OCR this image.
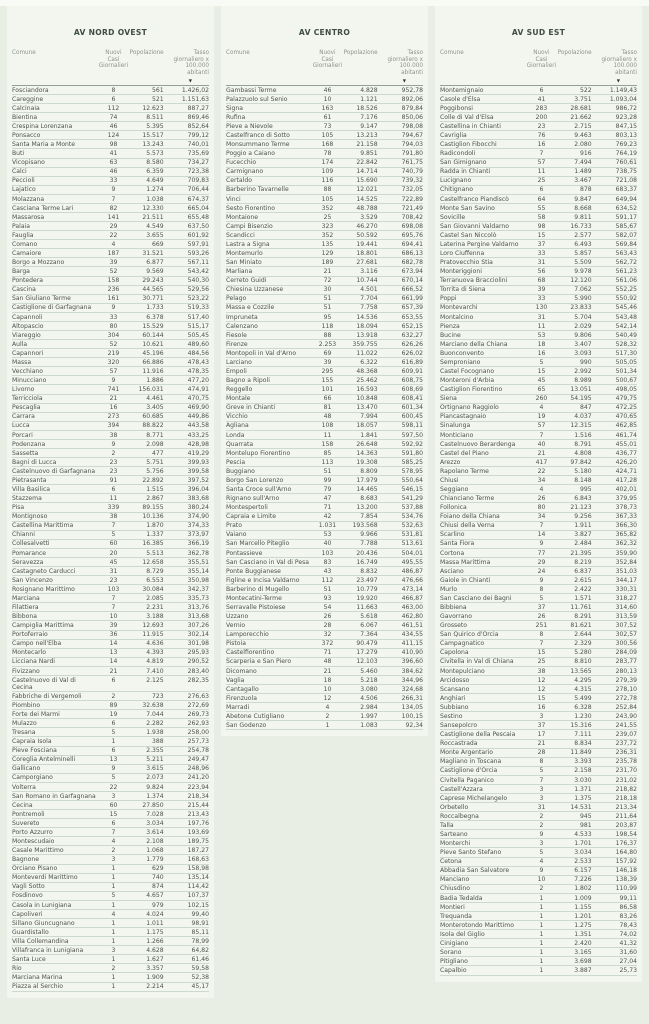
AV NORD OVEST
Comune	Nuovi Casi Giornalieri
Popolazione	Tasso giornaliero x 100.000 abitanti
▼
Fosciandora	8	561	1.426,02
Careggine	6	521	1.151,63
Calcinaia	112	12.623	887,27
Bientina	74	8.511	869,46
Crespina Lorenzana	46	5.395	852,64
Ponsacco	124	15.517	799,12
Santa Maria a Monte	98	13.243	740,01
Buti	41	5.573	735,69
Vicopisano	63	8.580	734,27
Calci	46	6.359	723,38
Peccioli	33	4.649	709,83
Lajatico	9	1.274	706,44
Molazzana	7	1.038	674,37
Casciana Terme Lari	82	12.330	665,04
Massarosa	141	21.511	655,48
Palaia	29	4.549	637,50
Fauglia	22	3.655	601,92
Comano	4	669	597,91
Camaiore	187	31.521	593,26
Borgo a Mozzano	39	6.877	567,11
Barga	52	9.569	543,42
Pontedera	158	29.243	540,30
Cascina	236	44.565	529,56
San Giuliano Terme	161	30.771	523,22
Castiglione di Garfagnana	9	1.733	519,33
Capannoli	33	6.378	517,40
Altopascio	80	15.529	515,17
Viareggio	304	60.144	505,45
Aulla	52	10.621	489,60
Capannori	219	45.196	484,56
Massa	320	66.886	478,43
Vecchiano	57	11.916	478,35
Minucciano	9	1.886	477,20
Livorno	741	156.031	474,91
Terricciola	21	4.461	470,75
Pescaglia	16	3.405	469,90
Carrara	273	60.685	449,86
Lucca	394	88.822	443,58
Porcari	38	8.771	433,25
Podenzana	9	2.098	428,98
Sassetta	2	477	419,29
Bagni di Lucca	23	5.751	399,93
Castelnuovo di Garfagnana	23	5.756	399,58
Pietrasanta	91	22.892	397,52
Villa Basilica	6	1.515	396,04
Stazzema	11	2.867	383,68
Pisa	339	89.155	380,24
Montignoso	38	10.136	374,90
Castellina Marittima	7	1.870	374,33
Chianni	5	1.337	373,97
Collesalvetti	60	16.385	366,19
Pomarance	20	5.513	362,78
Seravezza	45	12.658	355,51
Castagneto Carducci	31	8.729	355,14
San Vincenzo	23	6.553	350,98
Rosignano Marittimo	103	30.084	342,37
Marciana	7	2.085	335,73
Filattiera	7	2.231	313,76
Bibbona	10	3.188	313,68
Campiglia Marittima	39	12.693	307,26
Portoferraio	36	11.915	302,14
Campo nell'Elba	14	4.636	301,98
Montecarlo	13	4.393	295,93
Licciana Nardi	14	4.819	290,52
Fivizzano	21	7.410	283,40
Castelnuovo di Val di Cecina
6	2.125	282,35
Fabbriche di Vergemoli	2	723	276,63
Piombino	89	32.638	272,69
Forte dei Marmi	19	7.044	269,73
Mulazzo	6	2.282	262,93
Tresana	5	1.938	258,00
Capraia Isola	1	388	257,73
Pieve Fosciana	6	2.355	254,78
Coreglia Antelminelli	13	5.211	249,47
Gallicano	9	3.615	248,96
Camporgiano	5	2.073	241,20
Volterra	22	9.824	223,94
San Romano in Garfagnana	3	1.374	218,34
Cecina	60	27.850	215,44
Pontremoli	15	7.028	213,43
Suvereto	6	3.034	197,76
Porto Azzurro	7	3.614	193,69
Montescudaio	4	2.108	189,75
Casale Marittimo	2	1.068	187,27
Bagnone	3	1.779	168,63
Orciano Pisano	1	629	158,98
Monteverdi Marittimo	1	740	135,14
Vagli Sotto	1	874	114,42
Fosdinovo	5	4.657	107,37
Casola in Lunigiana	1	979	102,15
Capoliveri	4	4.024	99,40
Sillano Giuncugnano	1	1.011	98,91
Guardistallo	1	1.175	85,11
Villa Collemandina	1	1.266	78,99
Villafranca in Lunigiana	3	4.628	64,82
Santa Luce	1	1.627	61,46
Rio	2	3.357	59,58
Marciana Marina	1	1.909	52,38
Piazza al Serchio	1	2.214	45,17
AV CENTRO
Comune	Nuovi Casi Giornalieri
Popolazione	Tasso giornaliero x 100.000 abitanti
▼
Gambassi Terme	46	4.828	952,78
Palazzuolo sul Senio	10	1.121	892,06
Signa	163	18.526	879,84
Rufina	61	7.176	850,06
Pieve a Nievole	73	9.147	798,08
Castelfranco di Sotto	105	13.213	794,67
Monsummano Terme	168	21.158	794,03
Poggio a Caiano	78	9.851	791,80
Fucecchio	174	22.842	761,75
Carmignano	109	14.714	740,79
Certaldo	116	15.690	739,32
Barberino Tavarnelle	88	12.021	732,05
Vinci	105	14.525	722,89
Sesto Fiorentino	352	48.788	721,49
Montaione	25	3.529	708,42
Campi Bisenzio	323	46.270	698,08
Scandicci	352	50.592	695,76
Lastra a Signa	135	19.441	694,41
Montemurlo	129	18.801	686,13
San Miniato	189	27.681	682,78
Marliana	21	3.116	673,94
Cerreto Guidi	72	10.744	670,14
Chiesina Uzzanese	30	4.501	666,52
Pelago	51	7.704	661,99
Massa e Cozzile	51	7.758	657,39
Impruneta	95	14.536	653,55
Calenzano	118	18.094	652,15
Fiesole	88	13.918	632,27
Firenze	2.253	359.755	626,26
Montopoli in Val d'Arno	69	11.022	626,02
Larciano	39	6.322	616,89
Empoli	295	48.368	609,91
Bagno a Ripoli	155	25.462	608,75
Reggello	101	16.593	608,69
Montale	66	10.848	608,41
Greve in Chianti	81	13.470	601,34
Vicchio	48	7.994	600,45
Agliana	108	18.057	598,11
Londa	11	1.841	597,50
Quarrata	158	26.648	592,92
Montelupo Fiorentino	85	14.363	591,80
Pescia	113	19.308	585,25
Buggiano	51	8.809	578,95
Borgo San Lorenzo	99	17.979	550,64
Santa Croce sull'Arno	79	14.465	546,15
Rignano sull'Arno	47	8.683	541,29
Montespertoli	71	13.200	537,88
Capraia e Limite	42	7.854	534,76
Prato	1.031	193.568	532,63
Vaiano	53	9.966	531,81
San Marcello Piteglio	40	7.788	513,61
Pontassieve	103	20.436	504,01
San Casciano in Val di Pesa	83	16.749	495,55
Ponte Buggianese	43	8.832	486,87
Figline e Incisa Valdarno	112	23.497	476,66
Barberino di Mugello	51	10.779	473,14
Montecatini-Terme	93	19.920	466,87
Serravalle Pistoiese	54	11.663	463,00
Uzzano	26	5.618	462,80
Vernio	28	6.067	461,51
Lamporecchio	32	7.364	434,55
Pistoia	372	90.479	411,15
Castelfiorentino	71	17.279	410,90
Scarperia e San Piero	48	12.103	396,60
Dicomano	21	5.460	384,62
Vaglia	18	5.218	344,96
Cantagallo	10	3.080	324,68
Firenzuola	12	4.506	266,31
Marradi	4	2.984	134,05
Abetone Cutigliano	2	1.997	100,15
San Godenzo	1	1.083	92,34
AV SUD EST
Comune	Nuovi Casi Giornalieri
Popolazione	Tasso giornaliero x 100.000 abitanti
▼
Montemignaio	6	522	1.149,43
Casole d'Elsa	41	3.751	1.093,04
Poggibonsi	283	28.681	986,72
Colle di Val d'Elsa	200	21.662	923,28
Castellina in Chianti	23	2.715	847,15
Cavriglia	76	9.463	803,13
Castiglion Fibocchi	16	2.080	769,23
Radicondoli	7	916	764,19
San Gimignano	57	7.494	760,61
Radda in Chianti	11	1.489	738,75
Lucignano	25	3.467	721,08
Chitignano	6	878	683,37
Castelfranco Piandiscò	64	9.847	649,94
Monte San Savino	55	8.668	634,52
Sovicille	58	9.811	591,17
San Giovanni Valdarno	98	16.733	585,67
Castel San Niccolò	15	2.577	582,07
Laterina Pergine Valdarno	37	6.493	569,84
Loro Ciuffenna	33	5.857	563,43
Pratovecchio Stia	31	5.509	562,72
Monteriggioni	56	9.978	561,23
Terranuova Bracciolini	68	12.120	561,06
Torrita di Siena	39	7.062	552,25
Poppi	33	5.990	550,92
Montevarchi	130	23.833	545,46
Montalcino	31	5.704	543,48
Pienza	11	2.029	542,14
Bucine	53	9.806	540,49
Marciano della Chiana	18	3.407	528,32
Buonconvento	16	3.093	517,30
Semproniano	5	990	505,05
Castel Focognano	15	2.992	501,34
Monteroni d'Arbia	45	8.989	500,67
Castiglion Fiorentino	65	13.051	498,05
Siena	260	54.195	479,75
Ortignano Raggiolo	4	847	472,25
Piancastagnaio	19	4.037	470,65
Sinalunga	57	12.315	462,85
Monticiano	7	1.516	461,74
Castelnuovo Berardenga	40	8.791	455,01
Castel del Piano	21	4.808	436,77
Arezzo	417	97.842	426,20
Rapolano Terme	22	5.180	424,71
Chiusi	34	8.148	417,28
Seggiano	4	995	402,01
Chianciano Terme	26	6.843	379,95
Follonica	80	21.123	378,73
Foiano della Chiana	34	9.256	367,33
Chiusi della Verna	7	1.911	366,30
Scarlino	14	3.827	365,82
Santa Fiora	9	2.484	362,32
Cortona	77	21.395	359,90
Massa Marittima	29	8.219	352,84
Asciano	24	6.837	351,03
Gaiole in Chianti	9	2.615	344,17
Murlo	8	2.422	330,31
San Casciano dei Bagni	5	1.571	318,27
Bibbiena	37	11.761	314,60
Gavorrano	26	8.291	313,59
Grosseto	251	81.621	307,52
San Quirico d'Orcia	8	2.644	302,57
Campagnatico	7	2.329	300,56
Capolona	15	5.280	284,09
Civitella in Val di Chiana	25	8.810	283,77
Montepulciano	38	13.565	280,13
Arcidosso	12	4.295	279,39
Scansano	12	4.315	278,10
Anghiari	15	5.499	272,78
Subbiano	16	6.328	252,84
Sestino	3	1.230	243,90
Sansepolcro	37	15.316	241,55
Castiglione della Pescaia	17	7.111	239,07
Roccastrada	21	8.834	237,72
Monte Argentario	28	11.849	236,31
Magliano in Toscana	8	3.393	235,78
Castiglione d'Orcia	5	2.158	231,70
Civitella Paganico	7	3.030	231,02
Castell'Azzara	3	1.371	218,82
Caprese Michelangelo	3	1.375	218,18
Orbetello	31	14.531	213,34
Roccalbegna	2	945	211,64
Talla	2	981	203,87
Sarteano	9	4.533	198,54
Monterchi	3	1.701	176,37
Pieve Santo Stefano	5	3.034	164,80
Cetona	4	2.533	157,92
Abbadia San Salvatore	9	6.157	146,18
Manciano	10	7.226	138,39
Chiusdino	2	1.802	110,99
Badia Tedalda	1	1.009	99,11
Montieri	1	1.155	86,58
Trequanda	1	1.201	83,26
Monterotondo Marittimo	1	1.275	78,43
Isola del Giglio	1	1.351	74,02
Cinigiano	1	2.420	41,32
Sorano	1	3.165	31,60
Pitigliano	1	3.698	27,04
Capalbio	1	3.887	25,73
